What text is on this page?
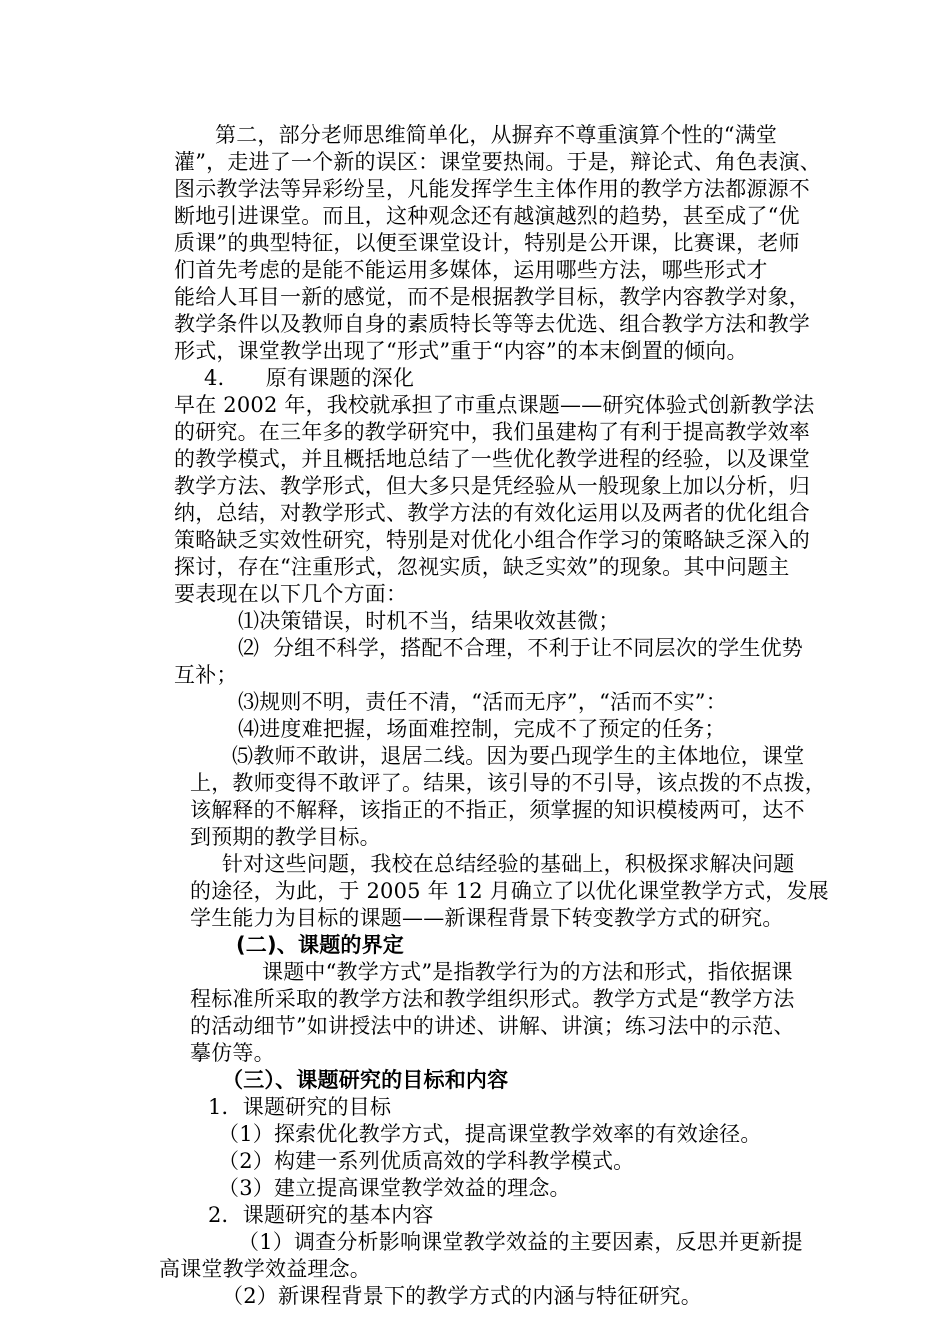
第二，部分老师思维简单化，从摒弃不尊重演算个性的“满堂
灌”，走进了一个新的误区：课堂要热闹。于是，辩论式、角色表演、
图示教学法等异彩纷呈，凡能发挥学生主体作用的教学方法都源源不
断地引进课堂。而且，这种观念还有越演越烈的趋势，甚至成了“优
质课”的典型特征，以便至课堂设计，特别是公开课，比赛课，老师
们首先考虑的是能不能运用多媒体，运用哪些方法，哪些形式才
能给人耳目一新的感觉，而不是根据教学目标，教学内容教学对象，
教学条件以及教师自身的素质特长等等去优选、组合教学方法和教学
形式，课堂教学出现了“形式”重于“内容”的本末倒置的倾向。
4.      原有课题的深化
早在 2002 年，我校就承担了市重点课题——研究体验式创新教学法
的研究。在三年多的教学研究中，我们虽建构了有利于提高教学效率
的教学模式，并且概括地总结了一些优化教学进程的经验，以及课堂
教学方法、教学形式，但大多只是凭经验从一般现象上加以分析，归
纳，总结，对教学形式、教学方法的有效化运用以及两者的优化组合
策略缺乏实效性研究，特别是对优化小组合作学习的策略缺乏深入的
探讨，存在“注重形式，忽视实质，缺乏实效”的现象。其中问题主
要表现在以下几个方面：
⑴决策错误，时机不当，结果收效甚微；
⑵  分组不科学，搭配不合理，不利于让不同层次的学生优势
互补；
⑶规则不明，责任不清，“活而无序”，“活而不实”：
⑷进度难把握，场面难控制，完成不了预定的任务；
⑸教师不敢讲，退居二线。因为要凸现学生的主体地位，课堂
上，教师变得不敢评了。结果，该引导的不引导，该点拨的不点拨，
该解释的不解释，该指正的不指正，须掌握的知识模棱两可，达不
到预期的教学目标。
针对这些问题，我校在总结经验的基础上，积极探求解决问题
的途径，为此，于 2005 年 12 月确立了以优化课堂教学方式，发展
学生能力为目标的课题——新课程背景下转变教学方式的研究。
(二)、课题的界定
课题中“教学方式”是指教学行为的方法和形式，指依据课
程标准所采取的教学方法和教学组织形式。教学方式是“教学方法
的活动细节”如讲授法中的讲述、讲解、讲演；练习法中的示范、
摹仿等。
（三）、课题研究的目标和内容
1．课题研究的目标
（1）探索优化教学方式，提高课堂教学效率的有效途径。
（2）构建一系列优质高效的学科教学模式。
（3）建立提高课堂教学效益的理念。
2．课题研究的基本内容
（1）调查分析影响课堂教学效益的主要因素，反思并更新提
高课堂教学效益理念。
（2）新课程背景下的教学方式的内涵与特征研究。
